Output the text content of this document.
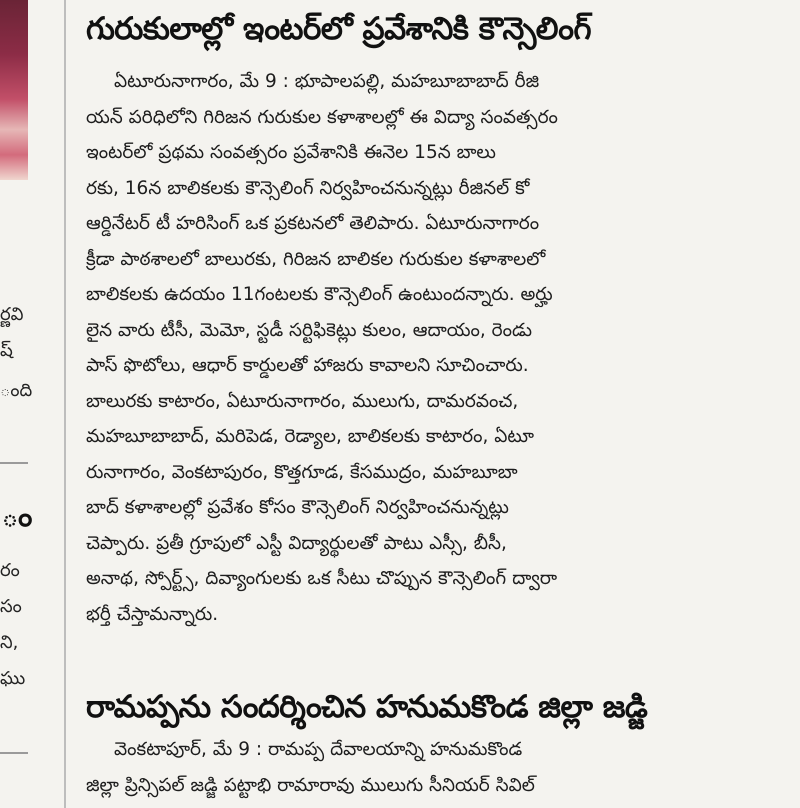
ర్ణవి
ష్
ంది
ం
రం
సం
ని,
ఘు
గురుకులాల్లో ఇంటర్‌లో ప్రవేశానికి కౌన్సెలింగ్
ఏటూరునాగారం, మే 9 : భూపాలపల్లి, మహబూబాబాద్ రీజి
యన్ పరిధిలోని గిరిజన గురుకుల కళాశాలల్లో ఈ విద్యా సంవత్సరం
ఇంటర్‌లో ప్రథమ సంవత్సరం ప్రవేశానికి ఈనెల 15న బాలు
రకు, 16న బాలికలకు కౌన్సెలింగ్ నిర్వహించనున్నట్లు రీజినల్ కో
ఆర్డినేటర్ టీ హరిసింగ్ ఒక ప్రకటనలో తెలిపారు. ఏటూరునాగారం
క్రీడా పాఠశాలలో బాలురకు, గిరిజన బాలికల గురుకుల కళాశాలలో
బాలికలకు ఉదయం 11గంటలకు కౌన్సెలింగ్ ఉంటుందన్నారు. అర్హు
లైన వారు టీసీ, మెమో, స్టడీ సర్టిఫికెట్లు కులం, ఆదాయం, రెండు
పాస్ ఫొటోలు, ఆధార్ కార్డులతో హాజరు కావాలని సూచించారు.
బాలురకు కాటారం, ఏటూరునాగారం, ములుగు, దామరవంచ,
మహబూబాబాద్, మరిపెడ, రెడ్యాల, బాలికలకు కాటారం, ఏటూ
రునాగారం, వెంకటాపురం, కొత్తగూడ, కేసముద్రం, మహబూబా
బాద్ కళాశాలల్లో ప్రవేశం కోసం కౌన్సెలింగ్ నిర్వహించనున్నట్లు
చెప్పారు. ప్రతీ గ్రూపులో ఎస్టీ విద్యార్థులతో పాటు ఎస్సీ, బీసీ,
అనాథ, స్పోర్ట్స్, దివ్యాంగులకు ఒక సీటు చొప్పున కౌన్సెలింగ్ ద్వారా
భర్తీ చేస్తామన్నారు.
రామప్పను సందర్శించిన హనుమకొండ జిల్లా జడ్జి
వెంకటాపూర్, మే 9 : రామప్ప దేవాలయాన్ని హనుమకొండ
జిల్లా ప్రిన్సిపల్ జడ్జి పట్టాభి రామారావు ములుగు సీనియర్ సివిల్
